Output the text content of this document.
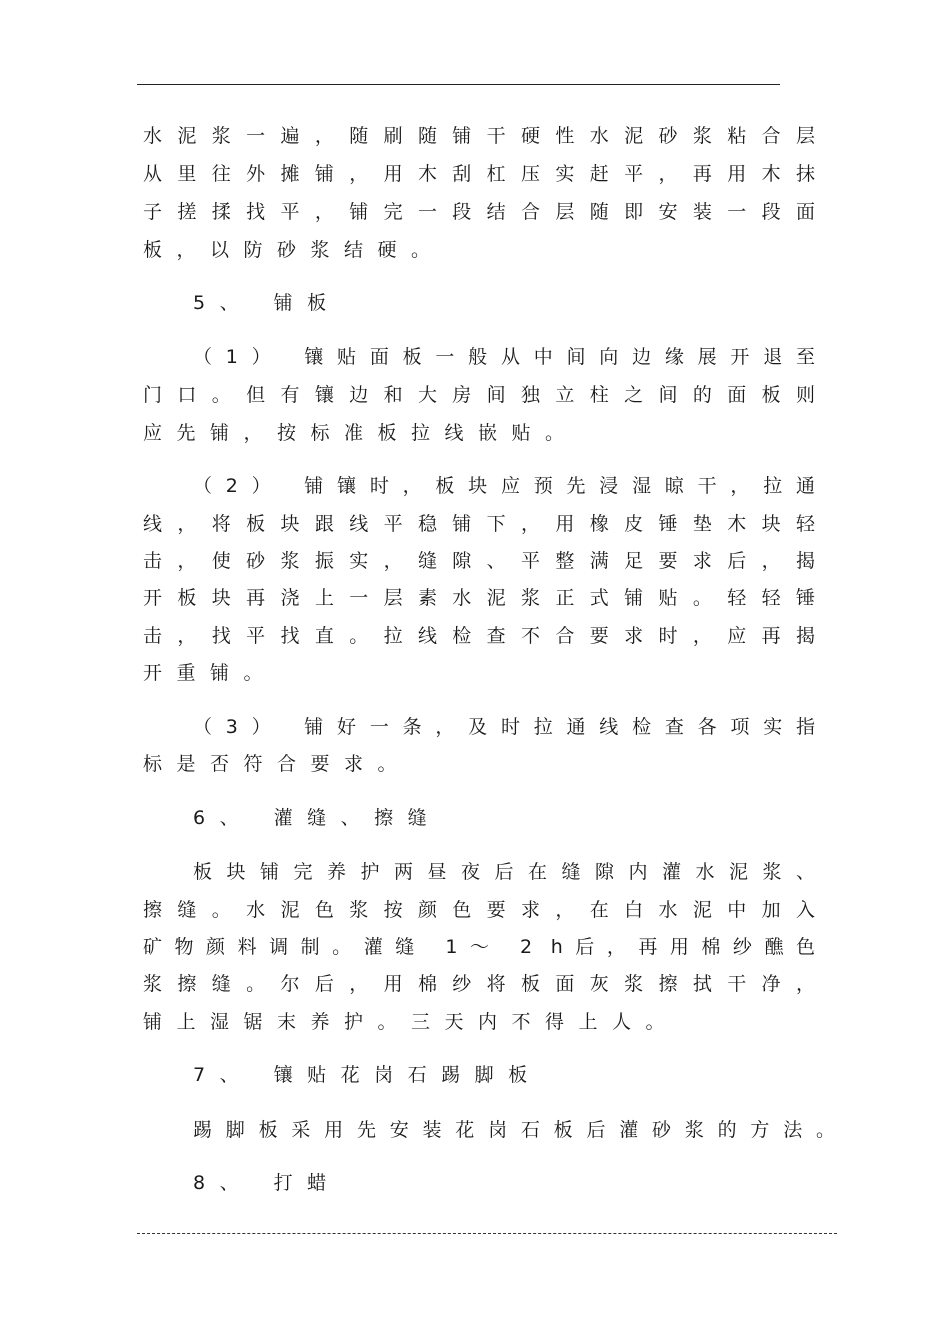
水泥浆一遍，随刷随铺干硬性水泥砂浆粘合层
从里往外摊铺，用木刮杠压实赶平，再用木抹
子搓揉找平，铺完一段结合层随即安装一段面
板，以防砂浆结硬。
5、 铺板
（1） 镶贴面板一般从中间向边缘展开退至
门口。但有镶边和大房间独立柱之间的面板则
应先铺，按标准板拉线嵌贴。
（2） 铺镶时，板块应预先浸湿晾干，拉通
线，将板块跟线平稳铺下，用橡皮锤垫木块轻
击，使砂浆振实，缝隙、平整满足要求后，揭
开板块再浇上一层素水泥浆正式铺贴。轻轻锤
击，找平找直。拉线检查不合要求时，应再揭
开重铺。
（3） 铺好一条，及时拉通线检查各项实指
标是否符合要求。
6、 灌缝、擦缝
板块铺完养护两昼夜后在缝隙内灌水泥浆、
擦缝。水泥色浆按颜色要求，在白水泥中加入
矿物颜料调制。灌缝 1～ 2 h后，再用棉纱醮色
浆擦缝。尔后，用棉纱将板面灰浆擦拭干净，
铺上湿锯末养护。三天内不得上人。
7、 镶贴花岗石踢脚板
踢脚板采用先安装花岗石板后灌砂浆的方法。
8、 打蜡
